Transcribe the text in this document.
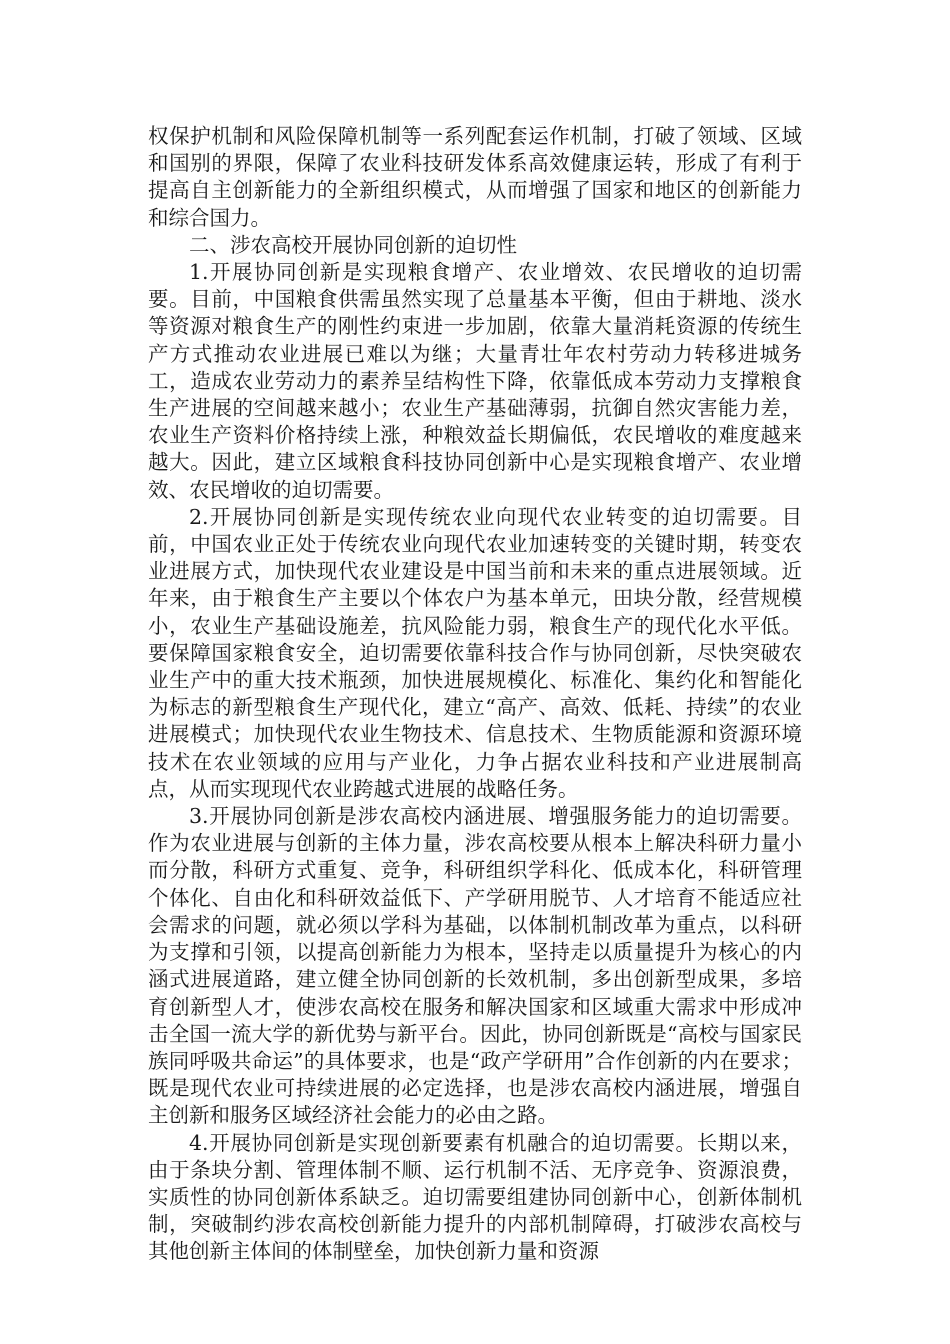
权保护机制和风险保障机制等一系列配套运作机制，打破了领域、区域和国别的界限，保障了农业科技研发体系高效健康运转，形成了有利于提高自主创新能力的全新组织模式，从而增强了国家和地区的创新能力和综合国力。

二、涉农高校开展协同创新的迫切性

1.开展协同创新是实现粮食增产、农业增效、农民增收的迫切需要。目前，中国粮食供需虽然实现了总量基本平衡，但由于耕地、淡水等资源对粮食生产的刚性约束进一步加剧，依靠大量消耗资源的传统生产方式推动农业进展已难以为继；大量青壮年农村劳动力转移进城务工，造成农业劳动力的素养呈结构性下降，依靠低成本劳动力支撑粮食生产进展的空间越来越小；农业生产基础薄弱，抗御自然灾害能力差，农业生产资料价格持续上涨，种粮效益长期偏低，农民增收的难度越来越大。因此，建立区域粮食科技协同创新中心是实现粮食增产、农业增效、农民增收的迫切需要。

2.开展协同创新是实现传统农业向现代农业转变的迫切需要。目前，中国农业正处于传统农业向现代农业加速转变的关键时期，转变农业进展方式，加快现代农业建设是中国当前和未来的重点进展领域。近年来，由于粮食生产主要以个体农户为基本单元，田块分散，经营规模小，农业生产基础设施差，抗风险能力弱，粮食生产的现代化水平低。要保障国家粮食安全，迫切需要依靠科技合作与协同创新，尽快突破农业生产中的重大技术瓶颈，加快进展规模化、标准化、集约化和智能化为标志的新型粮食生产现代化，建立“高产、高效、低耗、持续”的农业进展模式；加快现代农业生物技术、信息技术、生物质能源和资源环境技术在农业领域的应用与产业化，力争占据农业科技和产业进展制高点，从而实现现代农业跨越式进展的战略任务。

3.开展协同创新是涉农高校内涵进展、增强服务能力的迫切需要。作为农业进展与创新的主体力量，涉农高校要从根本上解决科研力量小而分散，科研方式重复、竞争，科研组织学科化、低成本化，科研管理个体化、自由化和科研效益低下、产学研用脱节、人才培育不能适应社会需求的问题，就必须以学科为基础，以体制机制改革为重点，以科研为支撑和引领，以提高创新能力为根本，坚持走以质量提升为核心的内涵式进展道路，建立健全协同创新的长效机制，多出创新型成果，多培育创新型人才，使涉农高校在服务和解决国家和区域重大需求中形成冲击全国一流大学的新优势与新平台。因此，协同创新既是“高校与国家民族同呼吸共命运”的具体要求，也是“政产学研用”合作创新的内在要求；既是现代农业可持续进展的必定选择，也是涉农高校内涵进展，增强自主创新和服务区域经济社会能力的必由之路。

4.开展协同创新是实现创新要素有机融合的迫切需要。长期以来，由于条块分割、管理体制不顺、运行机制不活、无序竞争、资源浪费，实质性的协同创新体系缺乏。迫切需要组建协同创新中心，创新体制机制，突破制约涉农高校创新能力提升的内部机制障碍，打破涉农高校与其他创新主体间的体制壁垒，加快创新力量和资源
